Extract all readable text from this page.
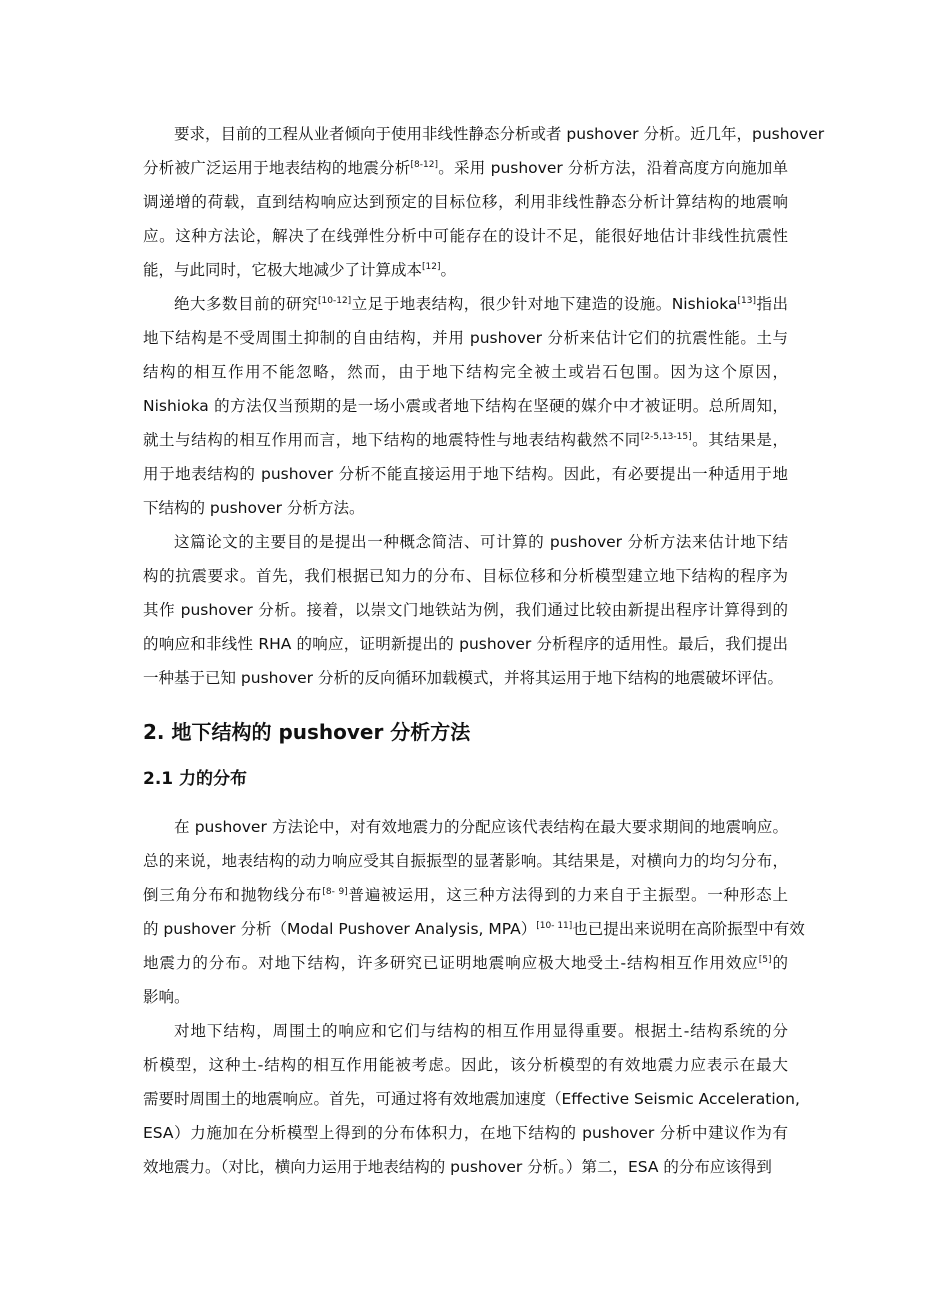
要求，目前的工程从业者倾向于使用非线性静态分析或者 pushover 分析。近几年，pushover
分析被广泛运用于地表结构的地震分析[8-12]。采用 pushover 分析方法，沿着高度方向施加单
调递增的荷载，直到结构响应达到预定的目标位移，利用非线性静态分析计算结构的地震响
应。这种方法论，解决了在线弹性分析中可能存在的设计不足，能很好地估计非线性抗震性
能，与此同时，它极大地减少了计算成本[12]。
绝大多数目前的研究[10-12]立足于地表结构，很少针对地下建造的设施。Nishioka[13]指出
地下结构是不受周围土抑制的自由结构，并用 pushover 分析来估计它们的抗震性能。土与
结构的相互作用不能忽略，然而，由于地下结构完全被土或岩石包围。因为这个原因，
Nishioka 的方法仅当预期的是一场小震或者地下结构在坚硬的媒介中才被证明。总所周知，
就土与结构的相互作用而言，地下结构的地震特性与地表结构截然不同[2-5,13-15]。其结果是，
用于地表结构的 pushover 分析不能直接运用于地下结构。因此，有必要提出一种适用于地
下结构的 pushover 分析方法。
这篇论文的主要目的是提出一种概念简洁、可计算的 pushover 分析方法来估计地下结
构的抗震要求。首先，我们根据已知力的分布、目标位移和分析模型建立地下结构的程序为
其作 pushover 分析。接着，以崇文门地铁站为例，我们通过比较由新提出程序计算得到的
的响应和非线性 RHA 的响应，证明新提出的 pushover 分析程序的适用性。最后，我们提出
一种基于已知 pushover 分析的反向循环加载模式，并将其运用于地下结构的地震破坏评估。
2. 地下结构的 pushover 分析方法
2.1 力的分布
在 pushover 方法论中，对有效地震力的分配应该代表结构在最大要求期间的地震响应。
总的来说，地表结构的动力响应受其自振振型的显著影响。其结果是，对横向力的均匀分布，
倒三角分布和抛物线分布[8- 9]普遍被运用，这三种方法得到的力来自于主振型。一种形态上
的 pushover 分析（Modal Pushover Analysis, MPA）[10- 11]也已提出来说明在高阶振型中有效
地震力的分布。对地下结构，许多研究已证明地震响应极大地受土-结构相互作用效应[5]的
影响。
对地下结构，周围土的响应和它们与结构的相互作用显得重要。根据土-结构系统的分
析模型，这种土-结构的相互作用能被考虑。因此，该分析模型的有效地震力应表示在最大
需要时周围土的地震响应。首先，可通过将有效地震加速度（Effective Seismic Acceleration,
ESA）力施加在分析模型上得到的分布体积力，在地下结构的 pushover 分析中建议作为有
效地震力。（对比，横向力运用于地表结构的 pushover 分析。）第二，ESA 的分布应该得到
